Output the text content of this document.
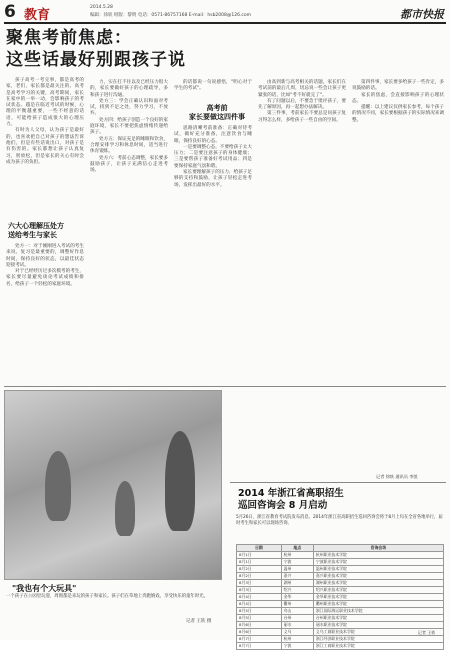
6 教育
2014.5.28
编辑：徐轶 组版：黎明 电话：0571-86757168 E-mail：hsb2008@126.com	都市快报
聚焦考前焦虑：
这些话最好别跟孩子说

孩子高考一考完事，都是高考的家，老们，家长都是最关注的。高考是高考学习的关键，高考期间，家长在家中的一举一动，会影响孩子的考试状态。越是在临近考试的时候，心理的平衡越重要，一些不经意的话语，可能给孩子造成很大的心理压力。

有时为人父母，认为孩子是最好的，也喜欢把自己对孩子的想法告诉他们，但是有些话说出口，对孩子是有伤害的。家长都想让孩子认真复习，别放松，但是家长的关心有时会成为孩子的负担。

六大心理解压处方
送给考生与家长

处方一：对于刚刚进入考试的考生来说，复习是最重要的，调整好作息时间，保持良好的状态，以最佳状态迎接考试。

对于已经经历过多次模考的考生，家长要尽量避免谈论考试成绩和排名，给孩子一个轻松的家庭环境。

力，实在扛不住以及已经压力很大的，家长要做好孩子的心理疏导，多和孩子进行沟通。

处方三：学会正确认识和面对考试，找到不足之处，努力学习，不放弃。

处方四：给孩子创造一个良好的家庭环境，家长不要把焦虑情绪传递给孩子。

处方五：保证充足的睡眠和饮食，合理安排学习和休息时间，适当进行体育锻炼。

处方六：考前心态调整，家长要多鼓励孩子，让孩子充满信心走进考场。

的话都说一句说感悟，"明心对于学生的考试"。

高考前
家长要做这四件事

思路清晰考前准备：正确对待考试，做好充分准备，注意饮食与睡眠，保持良好的心态。

一是要调整心态，不要给孩子太大压力；二是要注意孩子的身体健康；三是要帮孩子准备好考试用品；四是要保持家庭气氛和谐。

家长要理解孩子的压力，给孩子足够的支持和鼓励，让孩子轻松走进考场，发挥出最好的水平。

由高到新与高考相关的话题，家长们在考试前的最后几周，切忌说一些会让孩子更紧张的话，比如"考不好就完了"。

有了问题以后，不要急于批评孩子，要先了解原因，再一起想办法解决。

第三件事，考前家长不要总是问孩子复习得怎么样，多给孩子一些自由的空间。

第四件事，家长要多给孩子一些肯定，多说鼓励的话。

家长的焦虑，会直接影响孩子的心理状态。

提醒：以上建议仅供家长参考，每个孩子的情况不同，家长要根据孩子的实际情况来调整。

记者 徐轶 通讯员 李凯
"我也有个大玩具"
一个孩子在公园里玩耍，周围都是来玩的孩子和家长。孩子们在草地上奔跑嬉戏，享受快乐的童年时光。
记者 王轶 摄
2014 年浙江省高职招生
巡回咨询会 8 月启动
5月26日，浙江省教育考试院发布消息，2014年浙江省高职招生巡回咨询会将于8月上旬在全省各地举行，届时考生和家长可以现场咨询。
日期	地点	咨询会场
8月1日	杭州	杭州职业技术学院
8月1日	宁波	宁波职业技术学院
8月2日	温州	温州职业技术学院
8月2日	嘉兴	嘉兴职业技术学院
8月3日	湖州	湖州职业技术学院
8月3日	绍兴	绍兴职业技术学院
8月4日	金华	金华职业技术学院
8月4日	衢州	衢州职业技术学院
8月5日	舟山	浙江国际海运职业技术学院
8月5日	台州	台州职业技术学院
8月6日	丽水	丽水职业技术学院
8月6日	义乌	义乌工商职业技术学院
8月7日	杭州	浙江经济职业技术学院
8月7日	宁波	浙江工商职业技术学院
记者 王轶
